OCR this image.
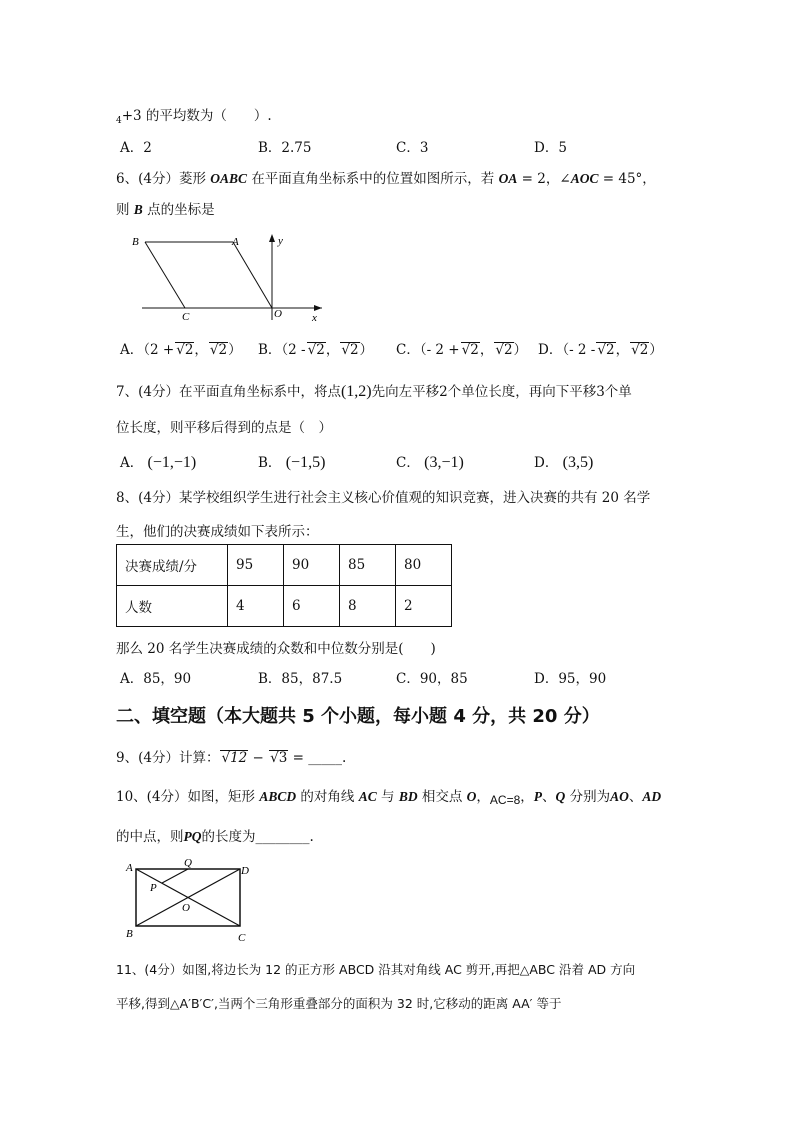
$_4$+3 的平均数为（　　）.
A．2	B．2.75	C．3	D．5
6、(4分）菱形 OABC 在平面直角坐标系中的位置如图所示，若 OA = 2，∠AOC = 45°，
则 B 点的坐标是
B	A	y
C	O	x
A．（2 + √2， √2） B．（2 - √2， √2） C．（- 2 + √2， √2） D．（- 2 - √2， √2）
7、(4分）在平面直角坐标系中，将点(1,2)先向左平移2个单位长度，再向下平移3个单
位长度，则平移后得到的点是（　）
A． (−1,−1)	B． (−1,5)	C． (3,−1)	D． (3,5)
8、(4分）某学校组织学生进行社会主义核心价值观的知识竞赛，进入决赛的共有 20 名学
生，他们的决赛成绩如下表所示：
决赛成绩/分	95	90	85	80
人数	4	6	8	2
那么 20 名学生决赛成绩的众数和中位数分别是(　　)
A．85，90	B．85，87.5	C．90，85	D．95，90
二、填空题（本大题共 5 个小题，每小题 4 分，共 20 分）
9、(4分）计算： √12 − √3 = _____.
10、(4分）如图，矩形 ABCD 的对角线 AC 与 BD 相交点 O，AC=8，P、Q 分别为AO、AD
的中点，则PQ的长度为________.
A	Q
D
P
O
B	C
11、(4分）如图,将边长为 12 的正方形 ABCD 沿其对角线 AC 剪开,再把△ABC 沿着 AD 方向
平移,得到△A′B′C′,当两个三角形重叠部分的面积为 32 时,它移动的距离 AA′ 等于
